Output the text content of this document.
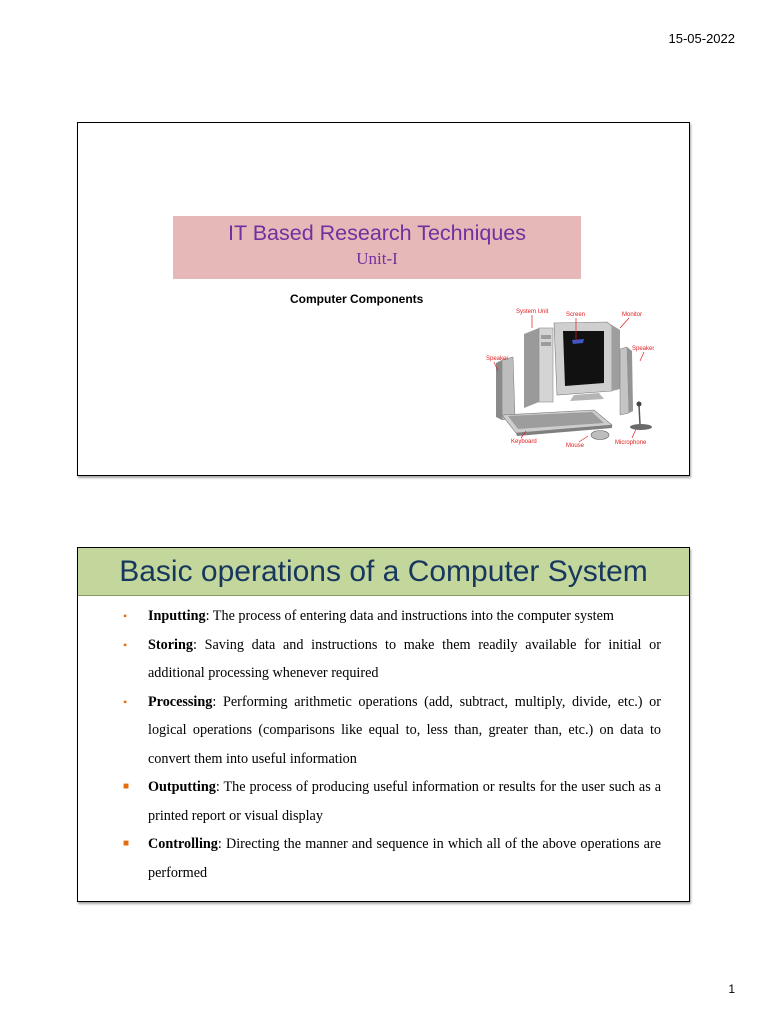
15-05-2022
IT Based Research Techniques
Unit-I
Computer Components
System Unit	Screen	Monitor
Speaker
Speaker
Keyboard
Mouse	Microphone
Basic operations of a Computer System
• Inputting: The process of entering data and instructions into the computer system
• Storing: Saving data and instructions to make them readily available for initial or additional processing whenever required
• Processing: Performing arithmetic operations (add, subtract, multiply, divide, etc.) or logical operations (comparisons like equal to, less than, greater than, etc.) on data to convert them into useful information
■ Outputting: The process of producing useful information or results for the user such as a printed report or visual display
■ Controlling: Directing the manner and sequence in which all of the above operations are performed
1
